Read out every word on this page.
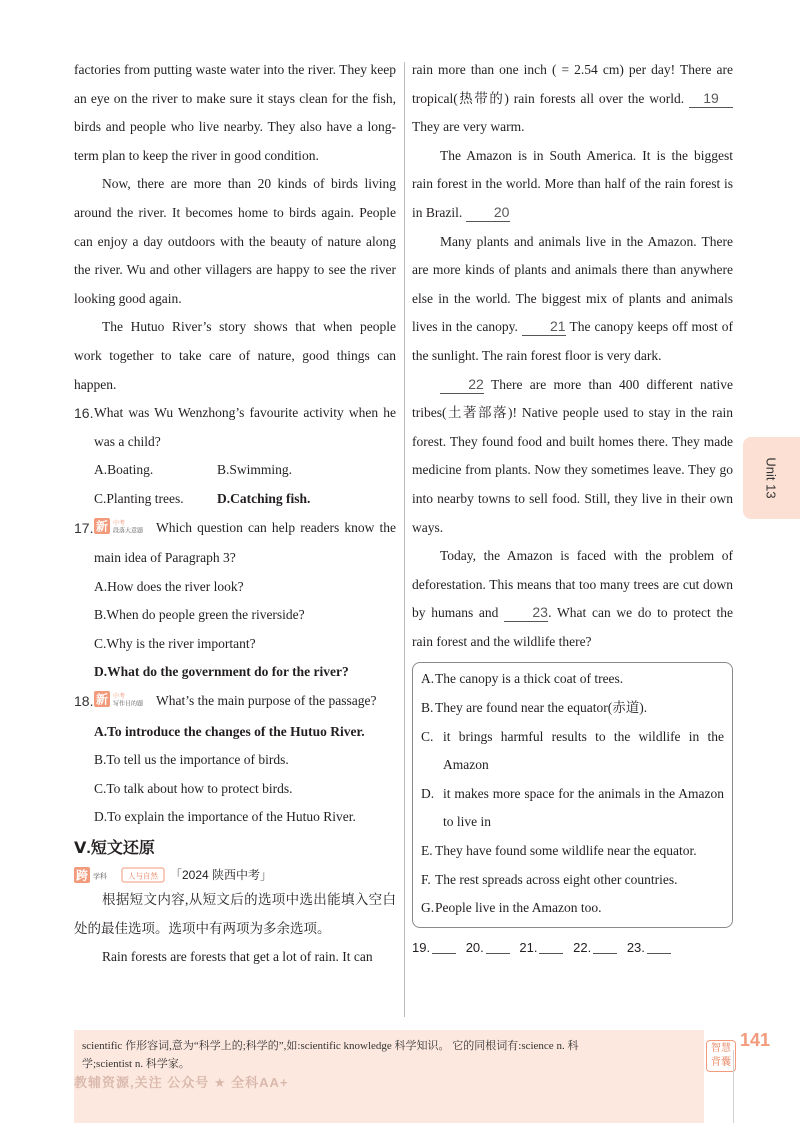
factories from putting waste water into the river. They keep an eye on the river to make sure it stays clean for the fish, birds and people who live nearby. They also have a long-term plan to keep the river in good condition.

Now, there are more than 20 kinds of birds living around the river. It becomes home to birds again. People can enjoy a day outdoors with the beauty of nature along the river. Wu and other villagers are happy to see the river looking good again.

The Hutuo River’s story shows that when people work together to take care of nature, good things can happen.

16. What was Wu Wenzhong’s favourite activity when he was a child?
A.Boating.	B.Swimming.
C.Planting trees.	D.Catching fish.
17. 新 中考
段落大意题 Which question can help readers know the main idea of Paragraph 3?
A.How does the river look?
B.When do people green the riverside?
C.Why is the river important?
D.What do the government do for the river?
18. 新 中考
写作目的题 What’s the main purpose of the passage?
A.To introduce the changes of the Hutuo River.
B.To tell us the importance of birds.
C.To talk about how to protect birds.
D.To explain the importance of the Hutuo River.
Ⅴ.短文还原
跨 学科	人与自然 「2024 陕西中考」

根据短文内容,从短文后的选项中选出能填入空白处的最佳选项。选项中有两项为多余选项。

Rain forests are forests that get a lot of rain. It can

rain more than one inch ( = 2.54 cm) per day! There are tropical(热带的) rain forests all over the world. 19 They are very warm.

The Amazon is in South America. It is the biggest rain forest in the world. More than half of the rain forest is in Brazil. 20

Many plants and animals live in the Amazon. There are more kinds of plants and animals there than anywhere else in the world. The biggest mix of plants and animals lives in the canopy. 21 The canopy keeps off most of the sunlight. The rain forest floor is very dark.

22 There are more than 400 different native tribes(土著部落)! Native people used to stay in the rain forest. They found food and built homes there. They made medicine from plants. Now they sometimes leave. They go into nearby towns to sell food. Still, they live in their own ways.

Today, the Amazon is faced with the problem of deforestation. This means that too many trees are cut down by humans and 23. What can we do to protect the rain forest and the wildlife there?

A. The canopy is a thick coat of trees.
B. They are found near the equator(赤道).
C. it brings harmful results to the wildlife in the Amazon
D. it makes more space for the animals in the Amazon to live in
E. They have found some wildlife near the equator.
F. The rest spreads across eight other countries.
G. People live in the Amazon too.
19.	20.	21.	22.	23.
Unit 13
scientific 作形容词,意为“科学上的;科学的”,如:scientific knowledge 科学知识。 它的同根词有:science n. 科
学;scientist n. 科学家。
教辅资源,关注 公众号 ★ 全科AA+
智慧
背囊
141
